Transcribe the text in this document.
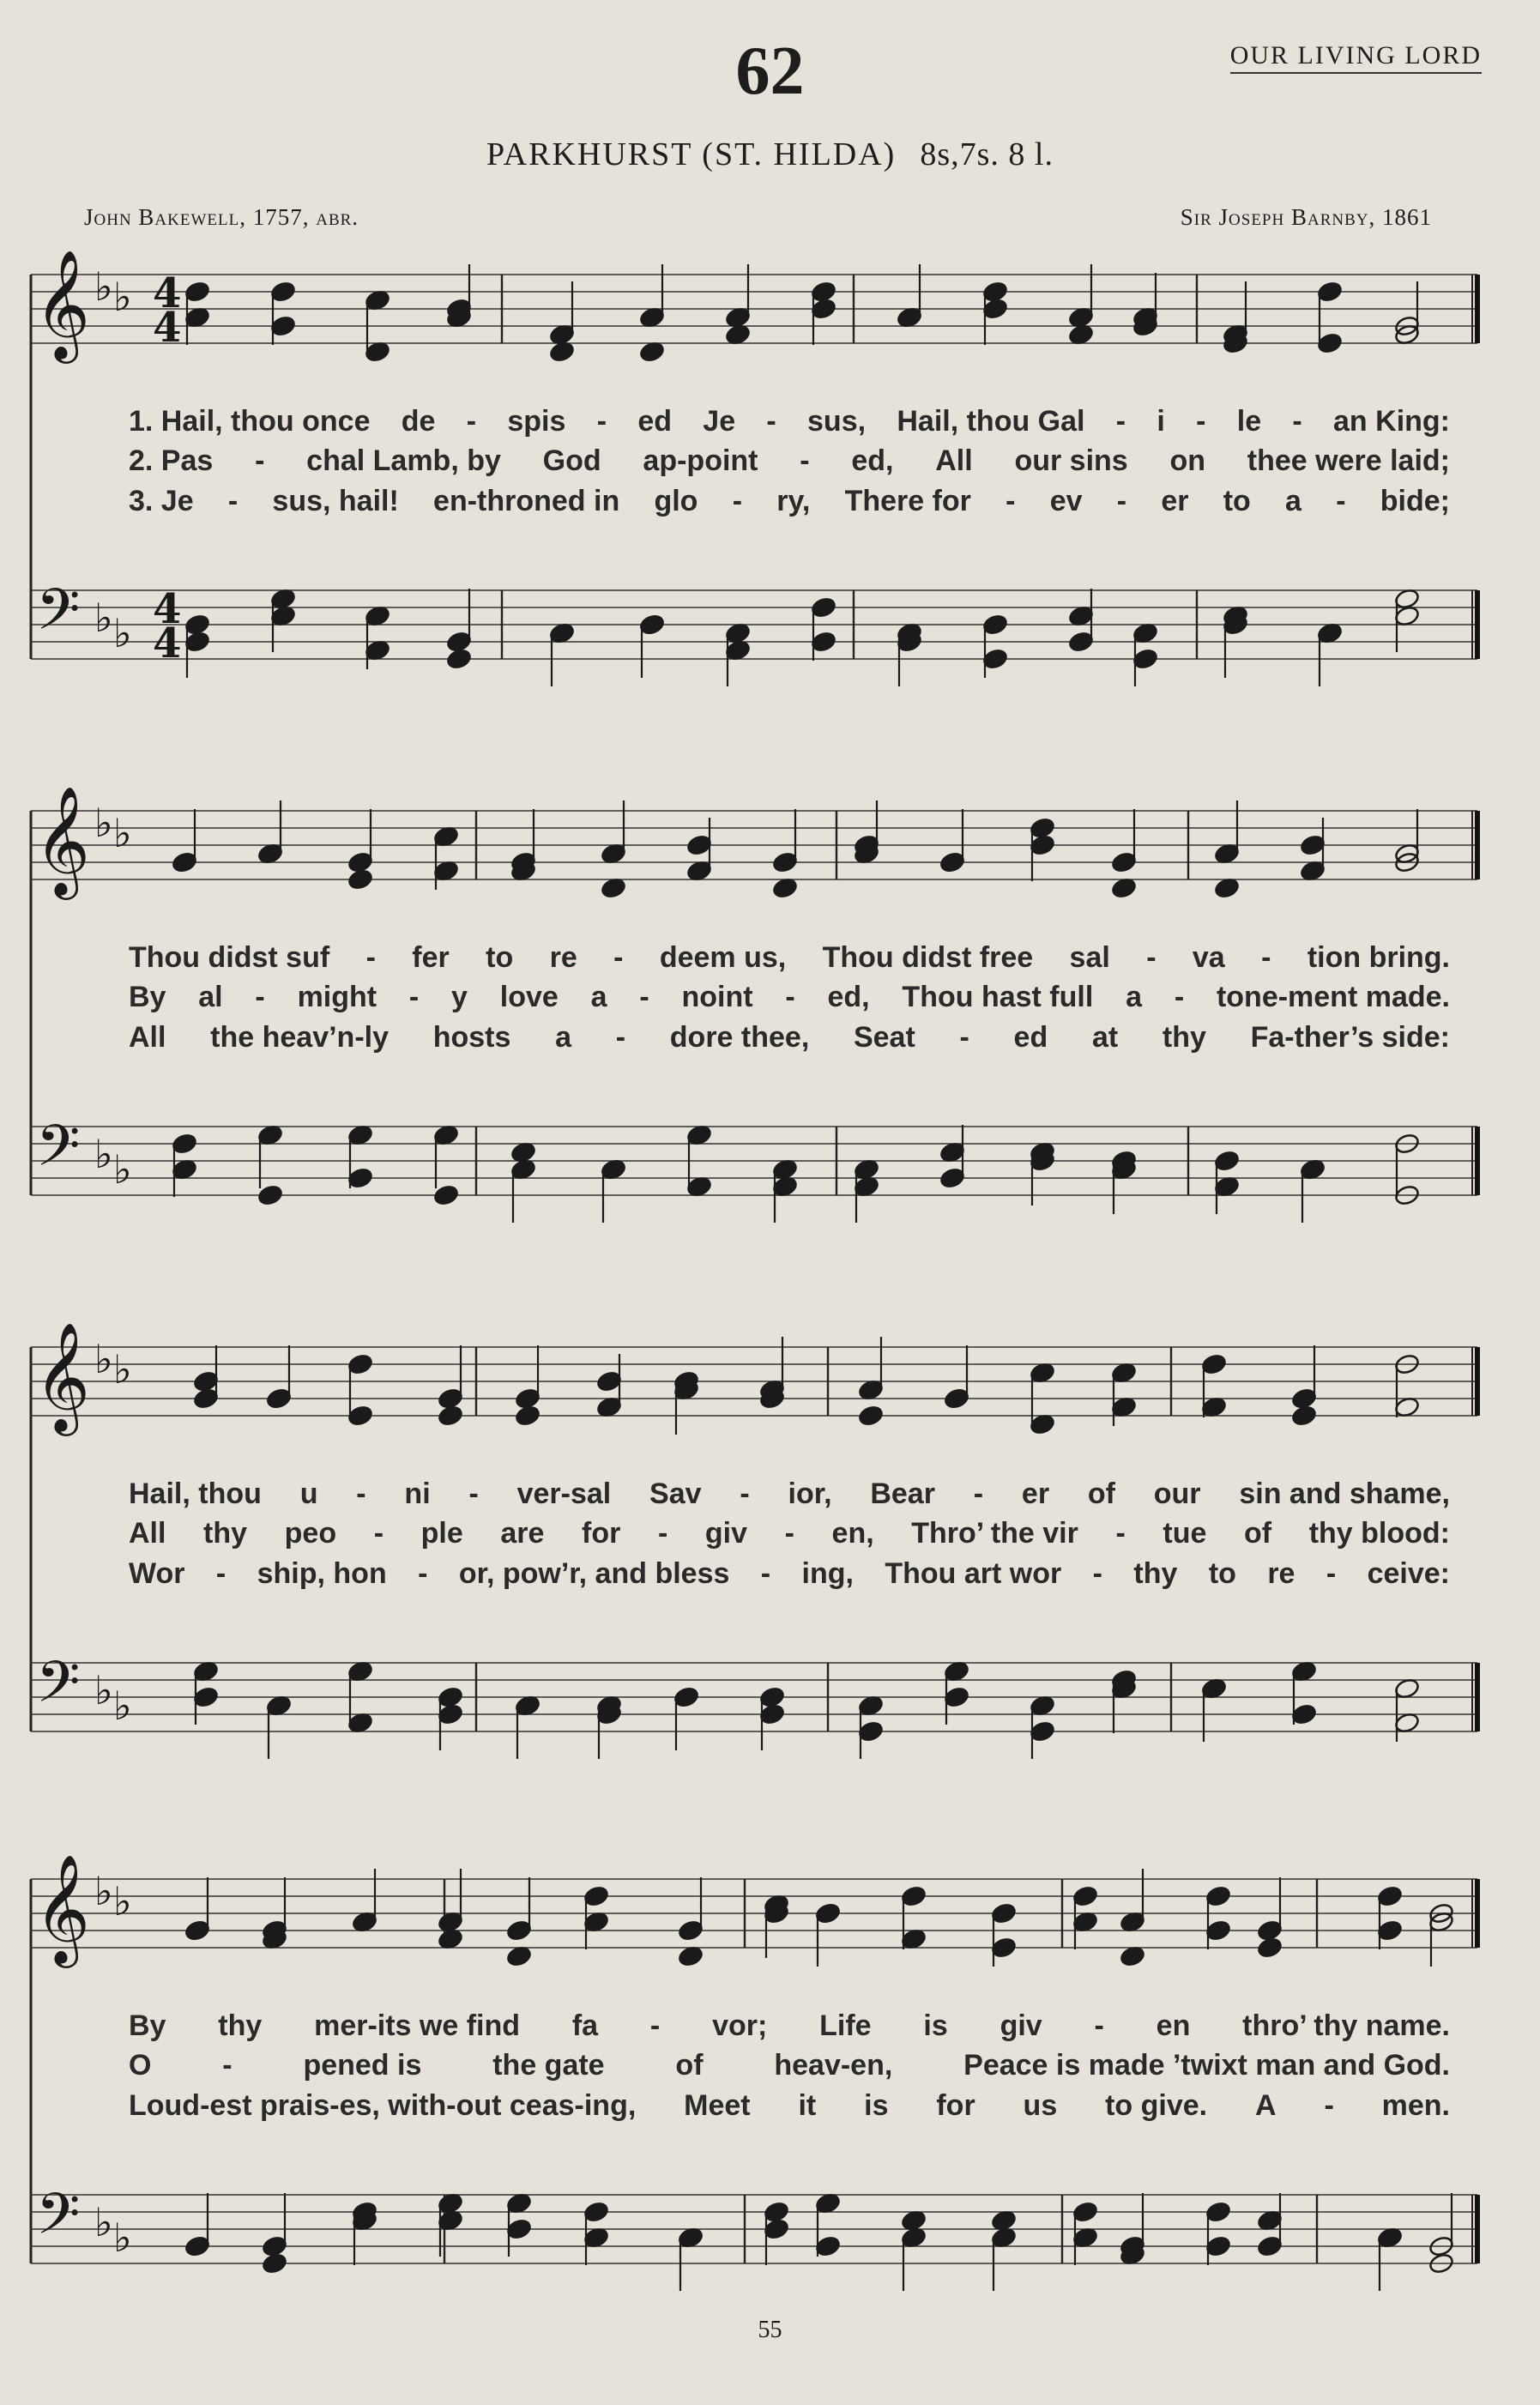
62	OUR LIVING LORD
PARKHURST (ST. HILDA) 8s,7s. 8 l.
John Bakewell, 1757, abr.	Sir Joseph Barnby, 1861
𝄞 ♭ ♭ 4
4
𝄢 ♭ ♭ 4
4
𝄞 ♭ ♭
𝄢 ♭ ♭
𝄞 ♭ ♭
𝄢 ♭ ♭
𝄞 ♭ ♭
𝄢 ♭ ♭
1. Hail, thou once de - spis - ed Je - sus, Hail, thou Gal - i - le - an King:
2. Pas - chal Lamb, by God ap-point - ed, All our sins on thee were laid;
3. Je - sus, hail! en-throned in glo - ry, There for - ev - er to a - bide;
Thou didst suf - fer to re - deem us, Thou didst free sal - va - tion bring.
By al - might - y love a - noint - ed, Thou hast full a - tone-ment made.
All the heav’n-ly hosts a - dore thee, Seat - ed at thy Fa-ther’s side:
Hail, thou u - ni - ver-sal Sav - ior, Bear - er of our sin and shame,
All thy peo - ple are for - giv - en, Thro’ the vir - tue of thy blood:
Wor - ship, hon - or, pow’r, and bless - ing, Thou art wor - thy to re - ceive:
By thy mer-its we find fa - vor; Life is giv - en thro’ thy name.
O - pened is the gate of heav-en, Peace is made ’twixt man and God.
Loud-est prais-es, with-out ceas-ing, Meet it is for us to give. A - men.
55
